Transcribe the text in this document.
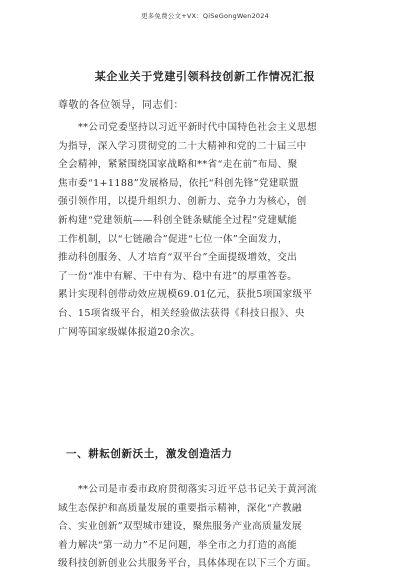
更多免费公文+VX：QiSeGongWen2024
某企业关于党建引领科技创新工作情况汇报
尊敬的各位领导，同志们：
**公司党委坚持以习近平新时代中国特色社会主义思想
为指导，深入学习贯彻党的二十大精神和党的二十届三中
全会精神，紧紧围绕国家战略和**省“走在前”布局、聚
焦市委“1+1188”发展格局，依托“科创先锋”党建联盟
强引领作用，以提升组织力、创新力、竞争力为核心，创
新构建“党建领航——科创全链条赋能全过程”党建赋能
工作机制，以“七链融合”促进“七位一体”全面发力，
推动科创服务、人才培育“双平台”全面提级增效，交出
了一份“准中有解、干中有为、稳中有进”的厚重答卷。
累计实现科创带动效应规模69.01亿元，获批5项国家级平
台、15项省级平台，相关经验做法获得《科技日报》、央
广网等国家级媒体报道20余次。
一、耕耘创新沃土，激发创造活力
**公司是市委市政府贯彻落实习近平总书记关于黄河流
域生态保护和高质量发展的重要指示精神，深化“产教融
合、实业创新”双型城市建设，聚焦服务产业高质量发展
着力解决“第一动力”不足问题，举全市之力打造的高能
级科技创新创业公共服务平台，具体体现在以下三个方面。
